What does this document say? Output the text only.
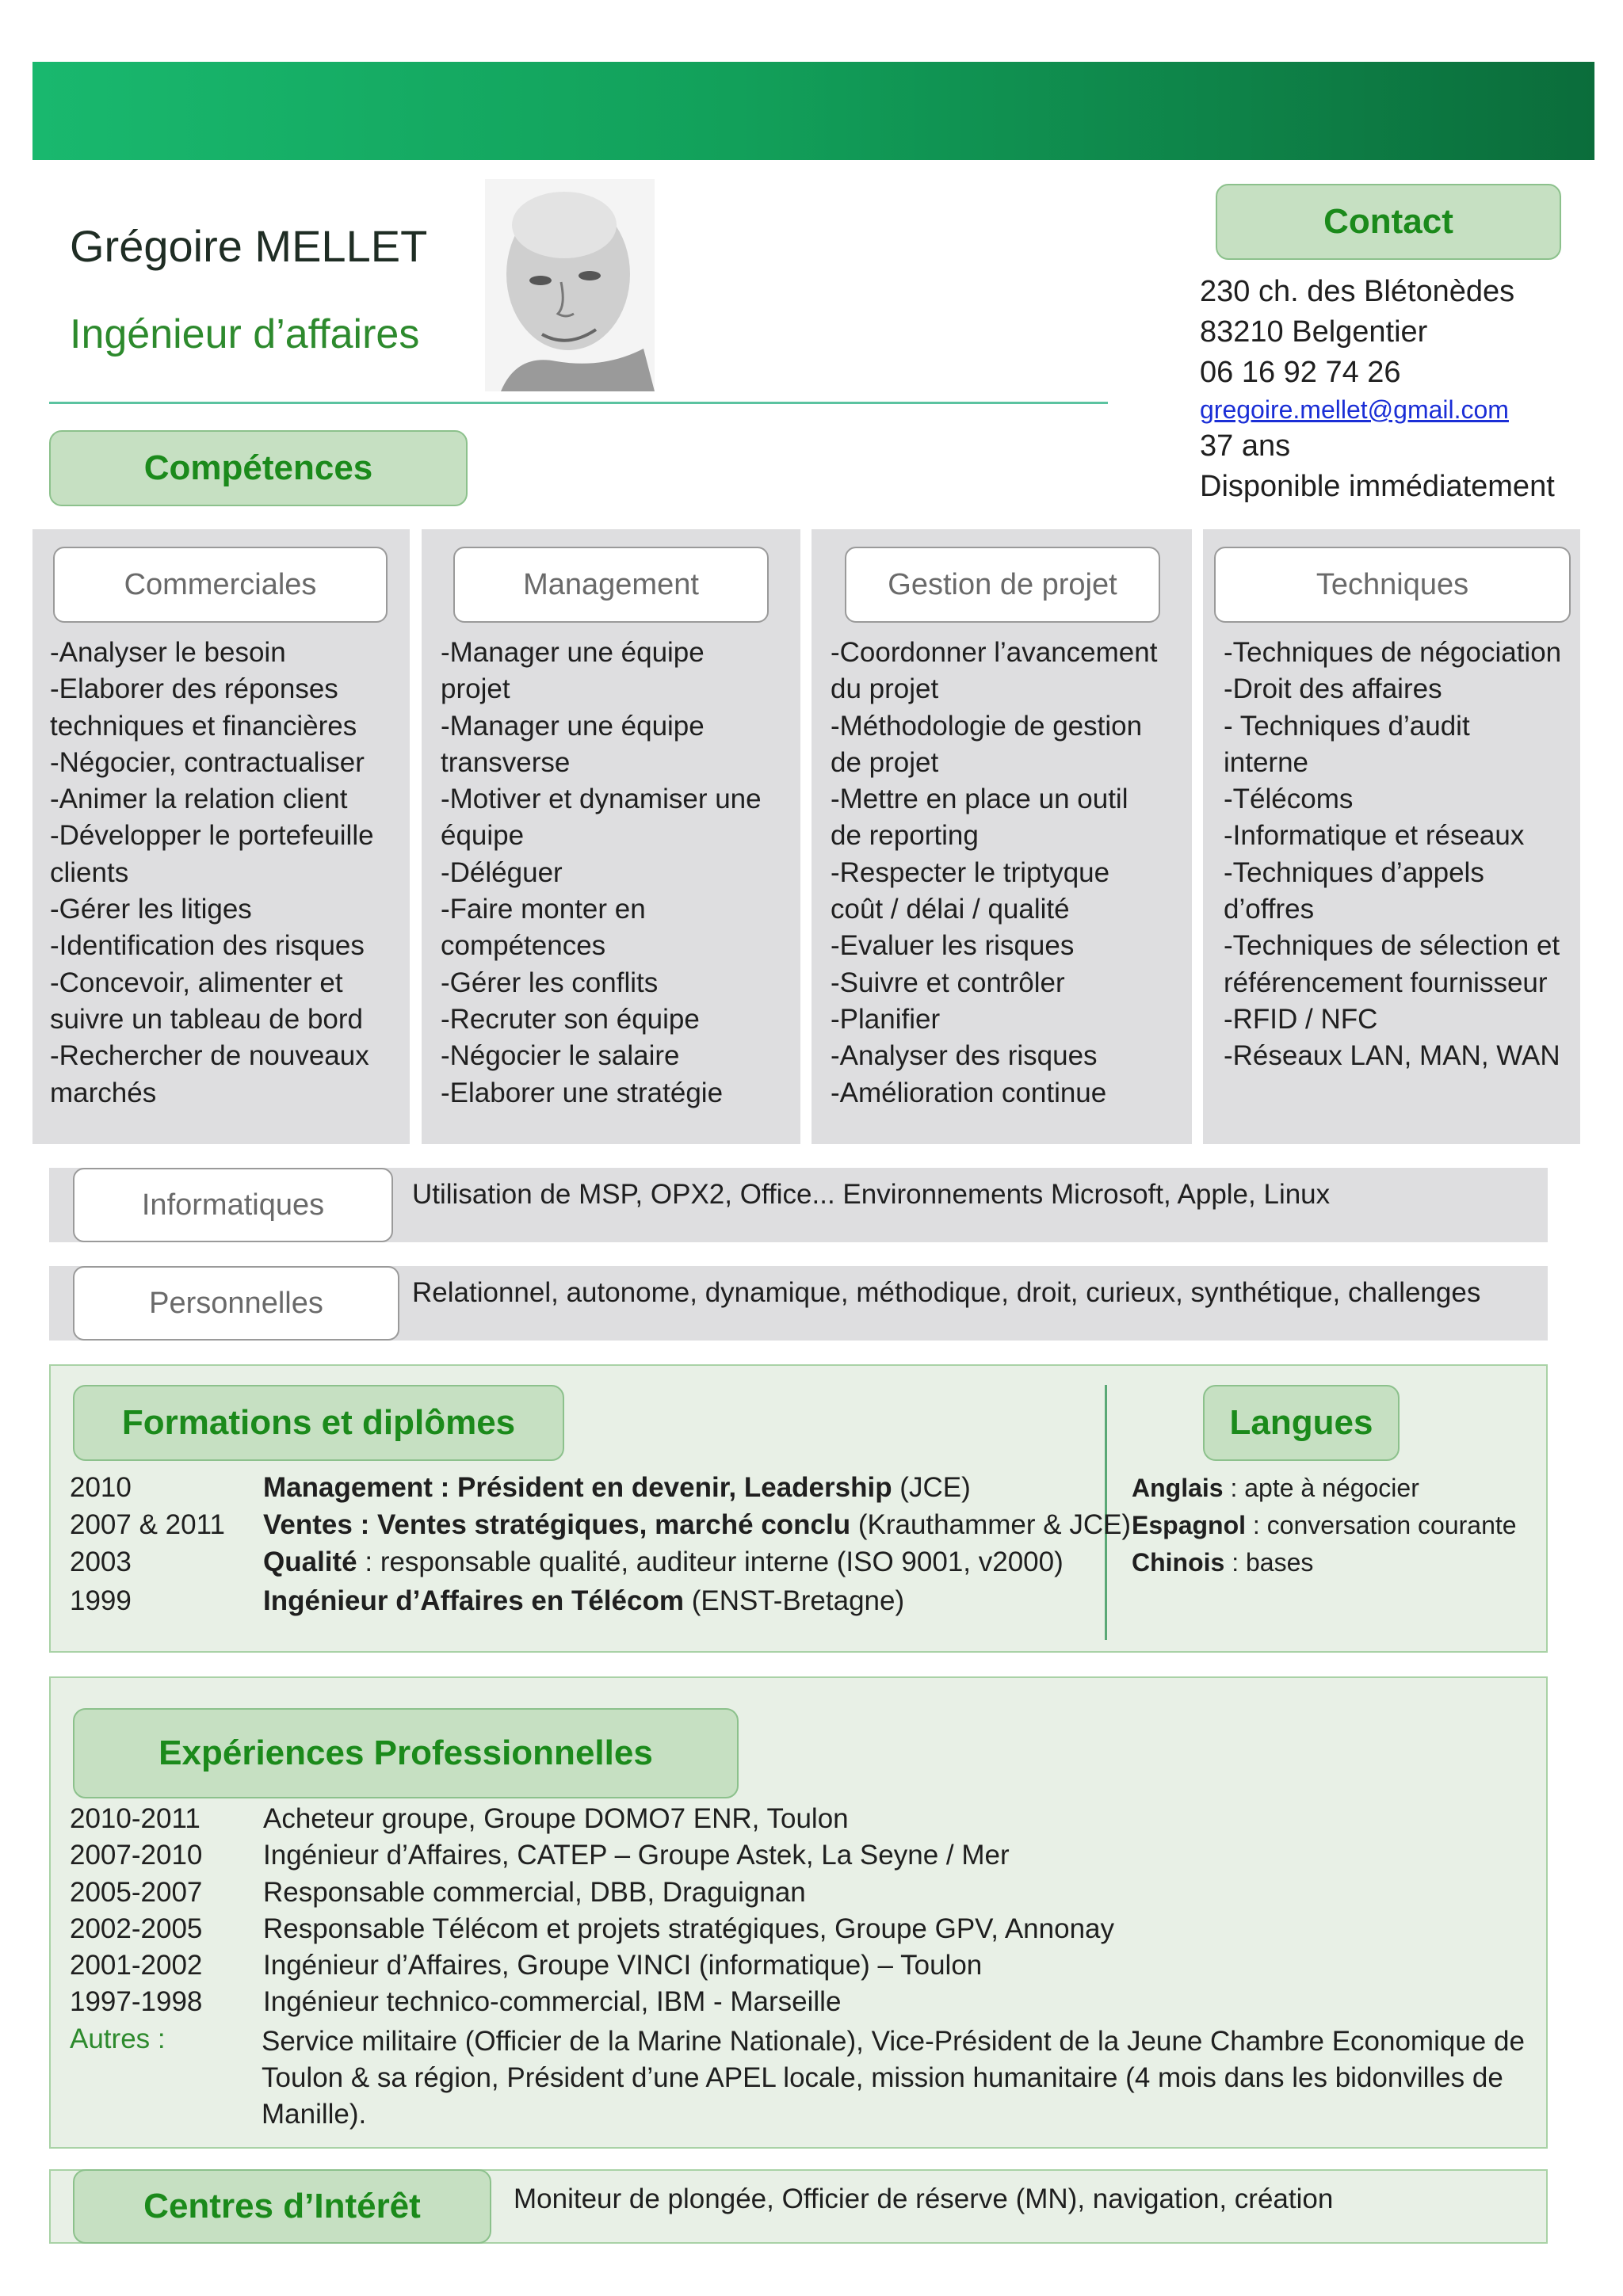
Grégoire MELLET
Ingénieur d’affaires
Contact
230 ch. des Blétonèdes
83210 Belgentier
06 16 92 74 26
gregoire.mellet@gmail.com
37 ans
Disponible immédiatement
Compétences
Commerciales
-Analyser le besoin
-Elaborer des réponses
techniques et financières
-Négocier, contractualiser
-Animer la relation client
-Développer le portefeuille
clients
-Gérer les litiges
-Identification des risques
-Concevoir, alimenter et
suivre un tableau de bord
-Rechercher de nouveaux
marchés
Management
-Manager une équipe
projet
-Manager une équipe
transverse
-Motiver et dynamiser une
équipe
-Déléguer
-Faire monter en
compétences
-Gérer les conflits
-Recruter son équipe
-Négocier le salaire
-Elaborer une stratégie
Gestion de projet
-Coordonner l’avancement
du projet
-Méthodologie de gestion
de projet
-Mettre en place un outil
de reporting
-Respecter le triptyque
coût / délai / qualité
-Evaluer les risques
-Suivre et contrôler
-Planifier
-Analyser des risques
-Amélioration continue
Techniques
-Techniques de négociation
-Droit des affaires
- Techniques d’audit
interne
-Télécoms
-Informatique et réseaux
-Techniques d’appels
d’offres
-Techniques de sélection et
référencement fournisseur
-RFID / NFC
-Réseaux LAN, MAN, WAN
Informatiques	Utilisation de MSP, OPX2, Office... Environnements Microsoft, Apple, Linux
Personnelles	Relationnel, autonome, dynamique, méthodique, droit, curieux, synthétique, challenges
Formations et diplômes	Langues
2010	Management : Président en devenir, Leadership (JCE)
2007 & 2011 Ventes : Ventes stratégiques, marché conclu (Krauthammer & JCE)
2003	Qualité : responsable qualité, auditeur interne (ISO 9001, v2000)
1999	Ingénieur d’Affaires en Télécom (ENST-Bretagne)
Anglais : apte à négocier
Espagnol : conversation courante
Chinois : bases
Expériences Professionnelles
2010-2011 Acheteur groupe, Groupe DOMO7 ENR, Toulon
2007-2010 Ingénieur d’Affaires, CATEP – Groupe Astek, La Seyne / Mer
2005-2007 Responsable commercial, DBB, Draguignan
2002-2005 Responsable Télécom et projets stratégiques, Groupe GPV, Annonay
2001-2002 Ingénieur d’Affaires, Groupe VINCI (informatique) – Toulon
1997-1998 Ingénieur technico-commercial, IBM - Marseille
Autres :	Service militaire (Officier de la Marine Nationale), Vice-Président de la Jeune Chambre Economique de
Toulon & sa région, Président d’une APEL locale, mission humanitaire (4 mois dans les bidonvilles de
Manille).
Centres d’Intérêt	Moniteur de plongée, Officier de réserve (MN), navigation, création
